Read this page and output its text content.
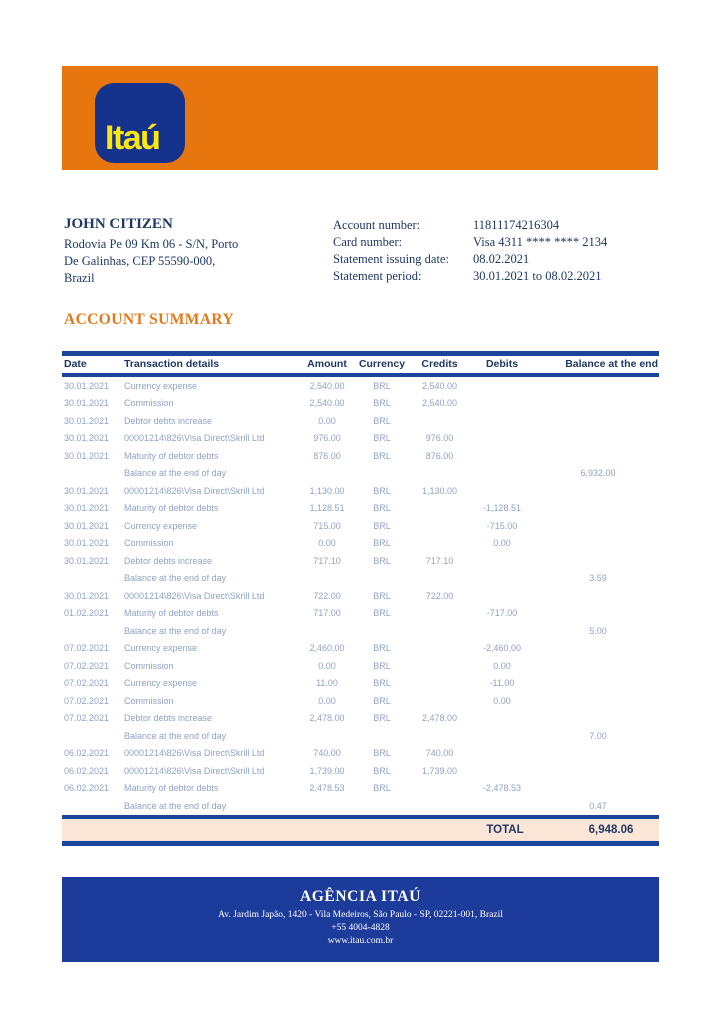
Itaú
JOHN CITIZEN
Rodovia Pe 09 Km 06 - S/N, Porto
De Galinhas, CEP 55590-000,
Brazil
Account number:	11811174216304
Card number:	Visa 4311 **** **** 2134
Statement issuing date:	08.02.2021
Statement period:	30.01.2021 to 08.02.2021
ACCOUNT SUMMARY
Date	Transaction details	Amount	Currency	Credits	Debits	Balance at the end
30.01.2021	Currency expense	2,540.00	BRL	2,540.00		
30.01.2021	Commission	2,540.00	BRL	2,540.00		
30.01.2021	Debtor debts increase	0.00	BRL			
30.01.2021	00001214\826\Visa Direct\Skrill Ltd	976.00	BRL	976.00		
30.01.2021	Maturity of debtor debts	876.00	BRL	876.00		
	Balance at the end of day					6,932.00
30.01.2021	00001214\826\Visa Direct\Skrill Ltd	1,130.00	BRL	1,130.00		
30.01.2021	Maturity of debtor debts	1,128.51	BRL		-1,128.51	
30.01.2021	Currency expense	715.00	BRL		-715.00	
30.01.2021	Commission	0.00	BRL		0.00	
30.01.2021	Debtor debts increase	717.10	BRL	717.10		
	Balance at the end of day					3.59
30.01.2021	00001214\826\Visa Direct\Skrill Ltd	722.00	BRL	722.00		
01.02.2021	Maturity of debtor debts	717.00	BRL		-717.00	
	Balance at the end of day					5.00
07.02.2021	Currency expense	2,460.00	BRL		-2,460.00	
07.02.2021	Commission	0.00	BRL		0.00	
07.02.2021	Currency expense	11.00	BRL		-11.00	
07.02.2021	Commission	0.00	BRL		0.00	
07.02.2021	Debtor debts increase	2,478.00	BRL	2,478.00		
	Balance at the end of day					7.00
06.02.2021	00001214\826\Visa Direct\Skrill Ltd	740.00	BRL	740.00		
06.02.2021	00001214\826\Visa Direct\Skrill Ltd	1,739.00	BRL	1,739.00		
06.02.2021	Maturity of debtor debts	2,478.53	BRL		-2,478.53	
	Balance at the end of day					0.47
					TOTAL	6,948.06
AGÊNCIA ITAÚ
Av. Jardim Japão, 1420 - Vila Medeiros, São Paulo - SP, 02221-001, Brazil
+55 4004-4828
www.itau.com.br
